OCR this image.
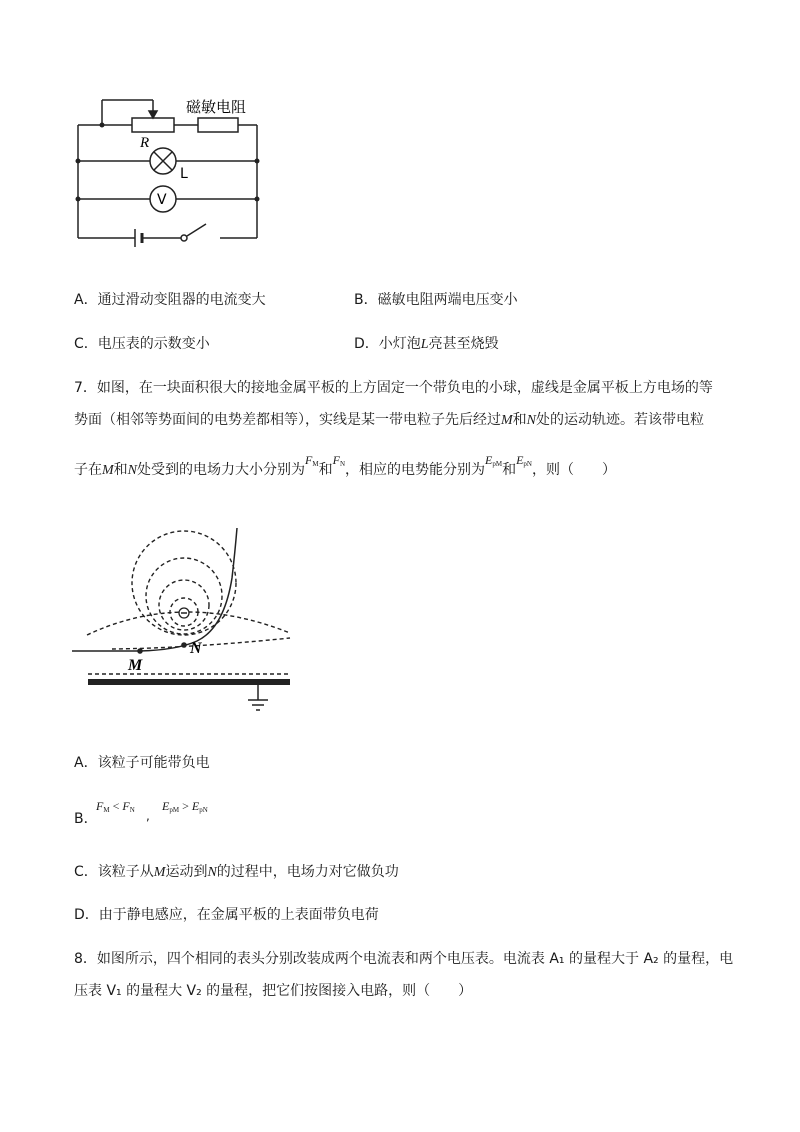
R
磁敏电阻
L
V
A．通过滑动变阻器的电流变大	B．磁敏电阻两端电压变小
C．电压表的示数变小	D．小灯泡L亮甚至烧毁
7．如图，在一块面积很大的接地金属平板的上方固定一个带负电的小球，虚线是金属平板上方电场的等
势面（相邻等势面间的电势差都相等），实线是某一带电粒子先后经过M和N处的运动轨迹。若该带电粒
子在M和N处受到的电场力大小分别为$F_M$和$F_N$，相应的电势能分别为$E_{pM}$和$E_{pN}$，则（　　）
M
N
A．该粒子可能带负电
B．
$F_M < F_N$ ,
$E_{pM} > E_{pN}$
C．该粒子从M运动到N的过程中，电场力对它做负功
D．由于静电感应，在金属平板的上表面带负电荷
8．如图所示，四个相同的表头分别改装成两个电流表和两个电压表。电流表 A₁ 的量程大于 A₂ 的量程，电
压表 V₁ 的量程大 V₂ 的量程，把它们按图接入电路，则（　　）
